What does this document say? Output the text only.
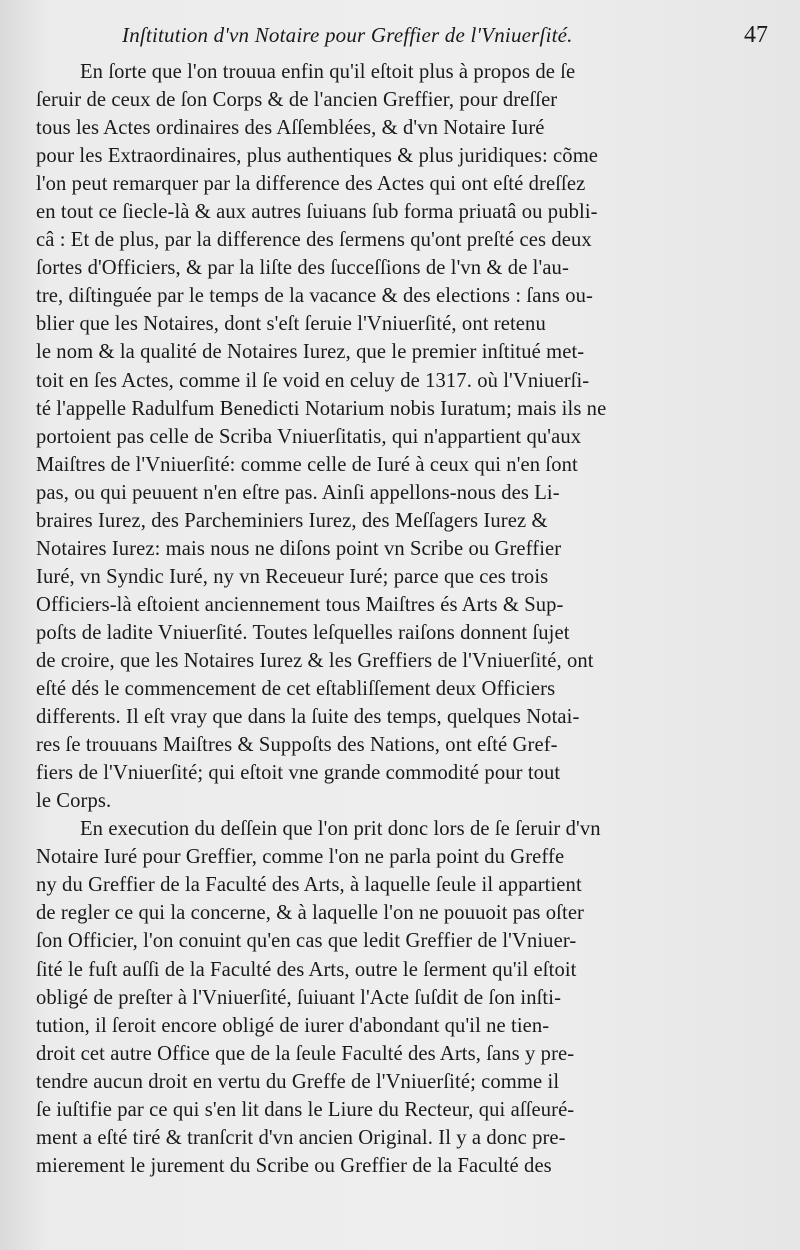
Inſtitution d'vn Notaire pour Greffier de l'Vniuerſité.	47
En ſorte que l'on trouua enfin qu'il eſtoit plus à propos de ſe
ſeruir de ceux de ſon Corps & de l'ancien Greffier, pour dreſſer
tous les Actes ordinaires des Aſſemblées, & d'vn Notaire Iuré
pour les Extraordinaires, plus authentiques & plus juridiques: cõme
l'on peut remarquer par la difference des Actes qui ont eſté dreſſez
en tout ce ſiecle-là & aux autres ſuiuans ſub forma priuatâ ou publi-
câ : Et de plus, par la difference des ſermens qu'ont preſté ces deux
ſortes d'Officiers, & par la liſte des ſucceſſions de l'vn & de l'au-
tre, diſtinguée par le temps de la vacance & des elections : ſans ou-
blier que les Notaires, dont s'eſt ſeruie l'Vniuerſité, ont retenu
le nom & la qualité de Notaires Iurez, que le premier inſtitué met-
toit en ſes Actes, comme il ſe void en celuy de 1317. où l'Vniuerſi-
té l'appelle Radulfum Benedicti Notarium nobis Iuratum; mais ils ne
portoient pas celle de Scriba Vniuerſitatis, qui n'appartient qu'aux
Maiſtres de l'Vniuerſité: comme celle de Iuré à ceux qui n'en ſont
pas, ou qui peuuent n'en eſtre pas. Ainſi appellons-nous des Li-
braires Iurez, des Parcheminiers Iurez, des Meſſagers Iurez &
Notaires Iurez: mais nous ne diſons point vn Scribe ou Greffier
Iuré, vn Syndic Iuré, ny vn Receueur Iuré; parce que ces trois
Officiers-là eſtoient anciennement tous Maiſtres és Arts & Sup-
poſts de ladite Vniuerſité. Toutes leſquelles raiſons donnent ſujet
de croire, que les Notaires Iurez & les Greffiers de l'Vniuerſité, ont
eſté dés le commencement de cet eſtabliſſement deux Officiers
differents. Il eſt vray que dans la ſuite des temps, quelques Notai-
res ſe trouuans Maiſtres & Suppoſts des Nations, ont eſté Gref-
fiers de l'Vniuerſité; qui eſtoit vne grande commodité pour tout
le Corps.
En execution du deſſein que l'on prit donc lors de ſe ſeruir d'vn
Notaire Iuré pour Greffier, comme l'on ne parla point du Greffe
ny du Greffier de la Faculté des Arts, à laquelle ſeule il appartient
de regler ce qui la concerne, & à laquelle l'on ne pouuoit pas oſter
ſon Officier, l'on conuint qu'en cas que ledit Greffier de l'Vniuer-
ſité le fuſt auſſi de la Faculté des Arts, outre le ſerment qu'il eſtoit
obligé de preſter à l'Vniuerſité, ſuiuant l'Acte ſuſdit de ſon inſti-
tution, il ſeroit encore obligé de iurer d'abondant qu'il ne tien-
droit cet autre Office que de la ſeule Faculté des Arts, ſans y pre-
tendre aucun droit en vertu du Greffe de l'Vniuerſité; comme il
ſe iuſtifie par ce qui s'en lit dans le Liure du Recteur, qui aſſeuré-
ment a eſté tiré & tranſcrit d'vn ancien Original. Il y a donc pre-
mierement le jurement du Scribe ou Greffier de la Faculté des
